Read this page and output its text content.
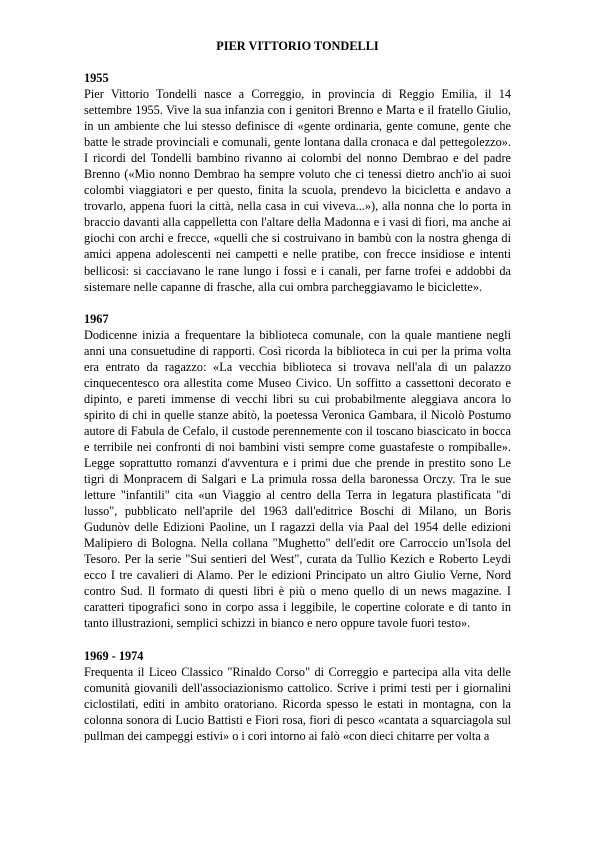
PIER VITTORIO TONDELLI
1955

Pier Vittorio Tondelli nasce a Correggio, in provincia di Reggio Emilia, il 14 settembre 1955. Vive la sua infanzia con i genitori Brenno e Marta e il fratello Giulio, in un ambiente che lui stesso definisce di «gente ordinaria, gente comune, gente che batte le strade provinciali e comunali, gente lontana dalla cronaca e dal pettegolezzo». I ricordi del Tondelli bambino rivanno ai colombi del nonno Dembrao e del padre Brenno («Mio nonno Dembrao ha sempre voluto che ci tenessi dietro anch'io ai suoi colombi viaggiatori e per questo, finita la scuola, prendevo la bicicletta e andavo a trovarlo, appena fuori la città, nella casa in cui viveva...»), alla nonna che lo porta in braccio davanti alla cappelletta con l'altare della Madonna e i vasi di fiori, ma anche ai giochi con archi e frecce, «quelli che si costruivano in bambù con la nostra ghenga di amici appena adolescenti nei campetti e nelle pratibe, con frecce insidiose e intenti bellicosi: si cacciavano le rane lungo i fossi e i canali, per farne trofei e addobbi da sistemare nelle capanne di frasche, alla cui ombra parcheggiavamo le biciclette».

1967

Dodicenne inizia a frequentare la biblioteca comunale, con la quale mantiene negli anni una consuetudine di rapporti. Così ricorda la biblioteca in cui per la prima volta era entrato da ragazzo: «La vecchia biblioteca si trovava nell'ala di un palazzo cinquecentesco ora allestita come Museo Civico. Un soffitto a cassettoni decorato e dipinto, e pareti immense di vecchi libri su cui probabilmente aleggiava ancora lo spirito di chi in quelle stanze abitò, la poetessa Veronica Gambara, il Nicolò Postumo autore di Fabula de Cefalo, il custode perennemente con il toscano biascicato in bocca e terribile nei confronti di noi bambini visti sempre come guastafeste o rompiballe». Legge soprattutto romanzi d'avventura e i primi due che prende in prestito sono Le tigri di Monpracem di Salgari e La primula rossa della baronessa Orczy. Tra le sue letture "infantili" cita «un Viaggio al centro della Terra in legatura plastificata "di lusso", pubblicato nell'aprile del 1963 dall'editrice Boschi di Milano, un Boris Gudunòv delle Edizioni Paoline, un I ragazzi della via Paal del 1954 delle edizioni Malipiero di Bologna. Nella collana "Mughetto" dell'edit ore Carroccio un'Isola del Tesoro. Per la serie "Sui sentieri del West", curata da Tullio Kezich e Roberto Leydi ecco I tre cavalieri di Alamo. Per le edizioni Principato un altro Giulio Verne, Nord contro Sud. Il formato di questi libri è più o meno quello di un news magazine. I caratteri tipografici sono in corpo assa i leggibile, le copertine colorate e di tanto in tanto illustrazioni, semplici schizzi in bianco e nero oppure tavole fuori testo».

1969 - 1974

Frequenta il Liceo Classico "Rinaldo Corso" di Correggio e partecipa alla vita delle comunità giovanili dell'associazionismo cattolico. Scrive i primi testi per i giornalini ciclostilati, editi in ambito oratoriano. Ricorda spesso le estati in montagna, con la colonna sonora di Lucio Battisti e Fiori rosa, fiori di pesco «cantata a squarciagola sul pullman dei campeggi estivi» o i cori intorno ai falò «con dieci chitarre per volta a
